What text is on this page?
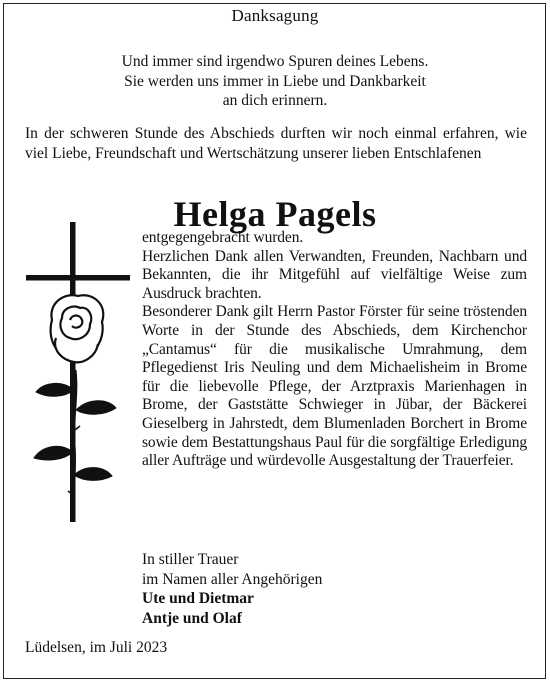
Danksagung
Und immer sind irgendwo Spuren deines Lebens.
Sie werden uns immer in Liebe und Dankbarkeit
an dich erinnern.
In der schweren Stunde des Abschieds durften wir noch einmal erfahren, wie viel Liebe, Freundschaft und Wertschätzung unserer lieben Entschlafenen
Helga Pagels
entgegengebracht wurden.
Herzlichen Dank allen Verwandten, Freunden, Nachbarn und Bekannten, die ihr Mitgefühl auf vielfältige Weise zum Ausdruck brachten.
Besonderer Dank gilt Herrn Pastor Förster für seine tröstenden Worte in der Stunde des Abschieds, dem Kirchenchor „Cantamus“ für die musikalische Umrahmung, dem Pflegedienst Iris Neuling und dem Michaelisheim in Brome für die liebevolle Pflege, der Arztpraxis Marienhagen in Brome, der Gaststätte Schwieger in Jübar, der Bäckerei Gieselberg in Jahrstedt, dem Blumenladen Borchert in Brome sowie dem Bestattungshaus Paul für die sorgfältige Erledigung aller Aufträge und würdevolle Ausgestaltung der Trauerfeier.
In stiller Trauer
im Namen aller Angehörigen
Ute und Dietmar
Antje und Olaf
Lüdelsen, im Juli 2023
